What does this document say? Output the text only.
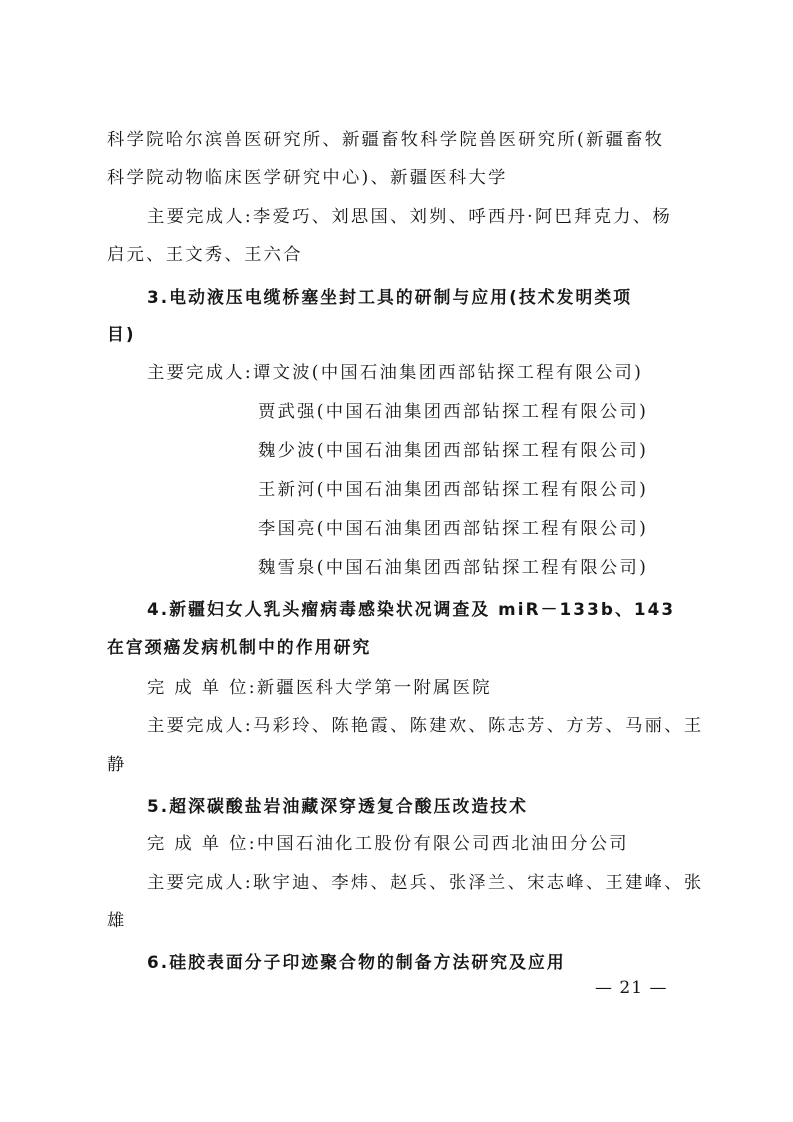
科学院哈尔滨兽医研究所、新疆畜牧科学院兽医研究所(新疆畜牧
科学院动物临床医学研究中心)、新疆医科大学
主要完成人:李爱巧、刘思国、刘刿、呼西丹·阿巴拜克力、杨
启元、王文秀、王六合
3.电动液压电缆桥塞坐封工具的研制与应用(技术发明类项
目)
主要完成人:谭文波(中国石油集团西部钻探工程有限公司)
贾武强(中国石油集团西部钻探工程有限公司)
魏少波(中国石油集团西部钻探工程有限公司)
王新河(中国石油集团西部钻探工程有限公司)
李国亮(中国石油集团西部钻探工程有限公司)
魏雪泉(中国石油集团西部钻探工程有限公司)
4.新疆妇女人乳头瘤病毒感染状况调查及 miR－133b、143
在宫颈癌发病机制中的作用研究
完 成 单 位:新疆医科大学第一附属医院
主要完成人:马彩玲、陈艳霞、陈建欢、陈志芳、方芳、马丽、王
静
5.超深碳酸盐岩油藏深穿透复合酸压改造技术
完 成 单 位:中国石油化工股份有限公司西北油田分公司
主要完成人:耿宇迪、李炜、赵兵、张泽兰、宋志峰、王建峰、张
雄
6.硅胶表面分子印迹聚合物的制备方法研究及应用
— 21 —
